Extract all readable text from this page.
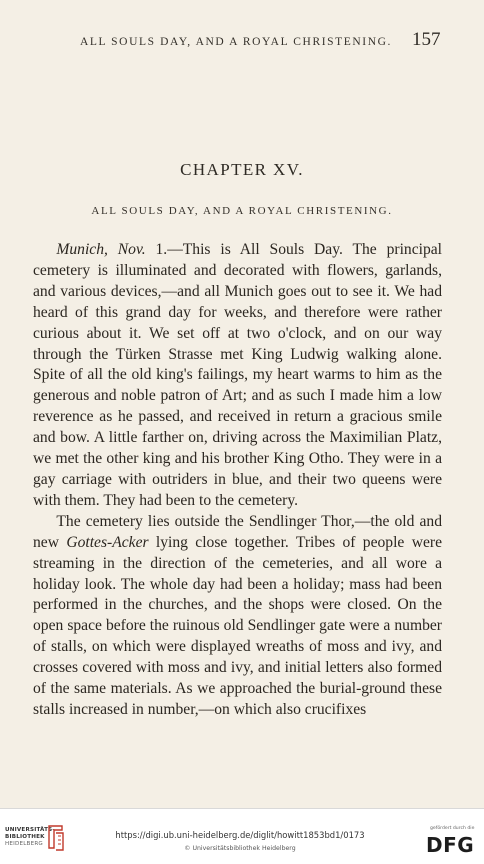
ALL SOULS DAY, AND A ROYAL CHRISTENING. 157
CHAPTER XV.
ALL SOULS DAY, AND A ROYAL CHRISTENING.

Munich, Nov. 1.—This is All Souls Day. The principal cemetery is illuminated and decorated with flowers, garlands, and various devices,—and all Munich goes out to see it. We had heard of this grand day for weeks, and therefore were rather curious about it. We set off at two o'clock, and on our way through the Türken Strasse met King Ludwig walking alone. Spite of all the old king's failings, my heart warms to him as the generous and noble patron of Art; and as such I made him a low reverence as he passed, and received in return a gracious smile and bow. A little farther on, driving across the Maximilian Platz, we met the other king and his brother King Otho. They were in a gay carriage with outriders in blue, and their two queens were with them. They had been to the cemetery.

The cemetery lies outside the Sendlinger Thor,—the old and new Gottes-Acker lying close together. Tribes of people were streaming in the direction of the cemeteries, and all wore a holiday look. The whole day had been a holiday; mass had been performed in the churches, and the shops were closed. On the open space before the ruinous old Sendlinger gate were a number of stalls, on which were displayed wreaths of moss and ivy, and crosses covered with moss and ivy, and initial letters also formed of the same materials. As we approached the burial-ground these stalls increased in number,—on which also crucifixes

UNIVERSITÄTS-
BIBLIOTHEK
HEIDELBERG
https://digi.ub.uni-heidelberg.de/diglit/howitt1853bd1/0173
© Universitätsbibliothek Heidelberg
gefördert durch die
DFG
